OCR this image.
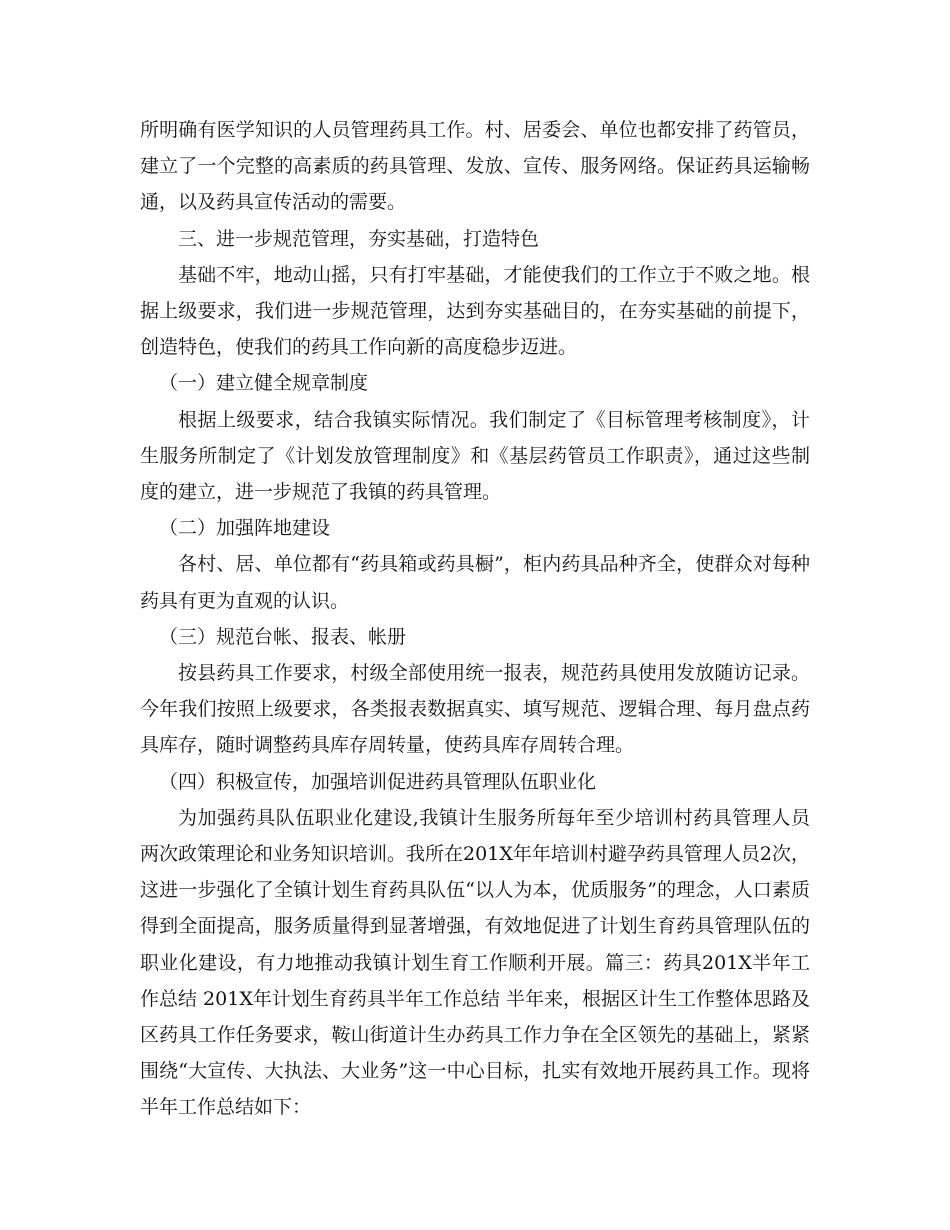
所明确有医学知识的人员管理药具工作。村、居委会、单位也都安排了药管员，建立了一个完整的高素质的药具管理、发放、宣传、服务网络。保证药具运输畅通，以及药具宣传活动的需要。

三、进一步规范管理，夯实基础，打造特色

基础不牢，地动山摇，只有打牢基础，才能使我们的工作立于不败之地。根据上级要求，我们进一步规范管理，达到夯实基础目的，在夯实基础的前提下，创造特色，使我们的药具工作向新的高度稳步迈进。

（一）建立健全规章制度

根据上级要求，结合我镇实际情况。我们制定了《目标管理考核制度》，计生服务所制定了《计划发放管理制度》和《基层药管员工作职责》，通过这些制度的建立，进一步规范了我镇的药具管理。

（二）加强阵地建设

各村、居、单位都有“药具箱或药具橱”，柜内药具品种齐全，使群众对每种药具有更为直观的认识。

（三）规范台帐、报表、帐册

按县药具工作要求，村级全部使用统一报表，规范药具使用发放随访记录。今年我们按照上级要求，各类报表数据真实、填写规范、逻辑合理、每月盘点药具库存，随时调整药具库存周转量，使药具库存周转合理。

（四）积极宣传，加强培训促进药具管理队伍职业化

为加强药具队伍职业化建设,我镇计生服务所每年至少培训村药具管理人员两次政策理论和业务知识培训。我所在201X年年培训村避孕药具管理人员2次，这进一步强化了全镇计划生育药具队伍“以人为本，优质服务”的理念，人口素质得到全面提高，服务质量得到显著增强，有效地促进了计划生育药具管理队伍的职业化建设，有力地推动我镇计划生育工作顺利开展。篇三：药具201X半年工作总结 201X年计划生育药具半年工作总结 半年来，根据区计生工作整体思路及区药具工作任务要求，鞍山街道计生办药具工作力争在全区领先的基础上，紧紧围绕“大宣传、大执法、大业务”这一中心目标，扎实有效地开展药具工作。现将半年工作总结如下：
